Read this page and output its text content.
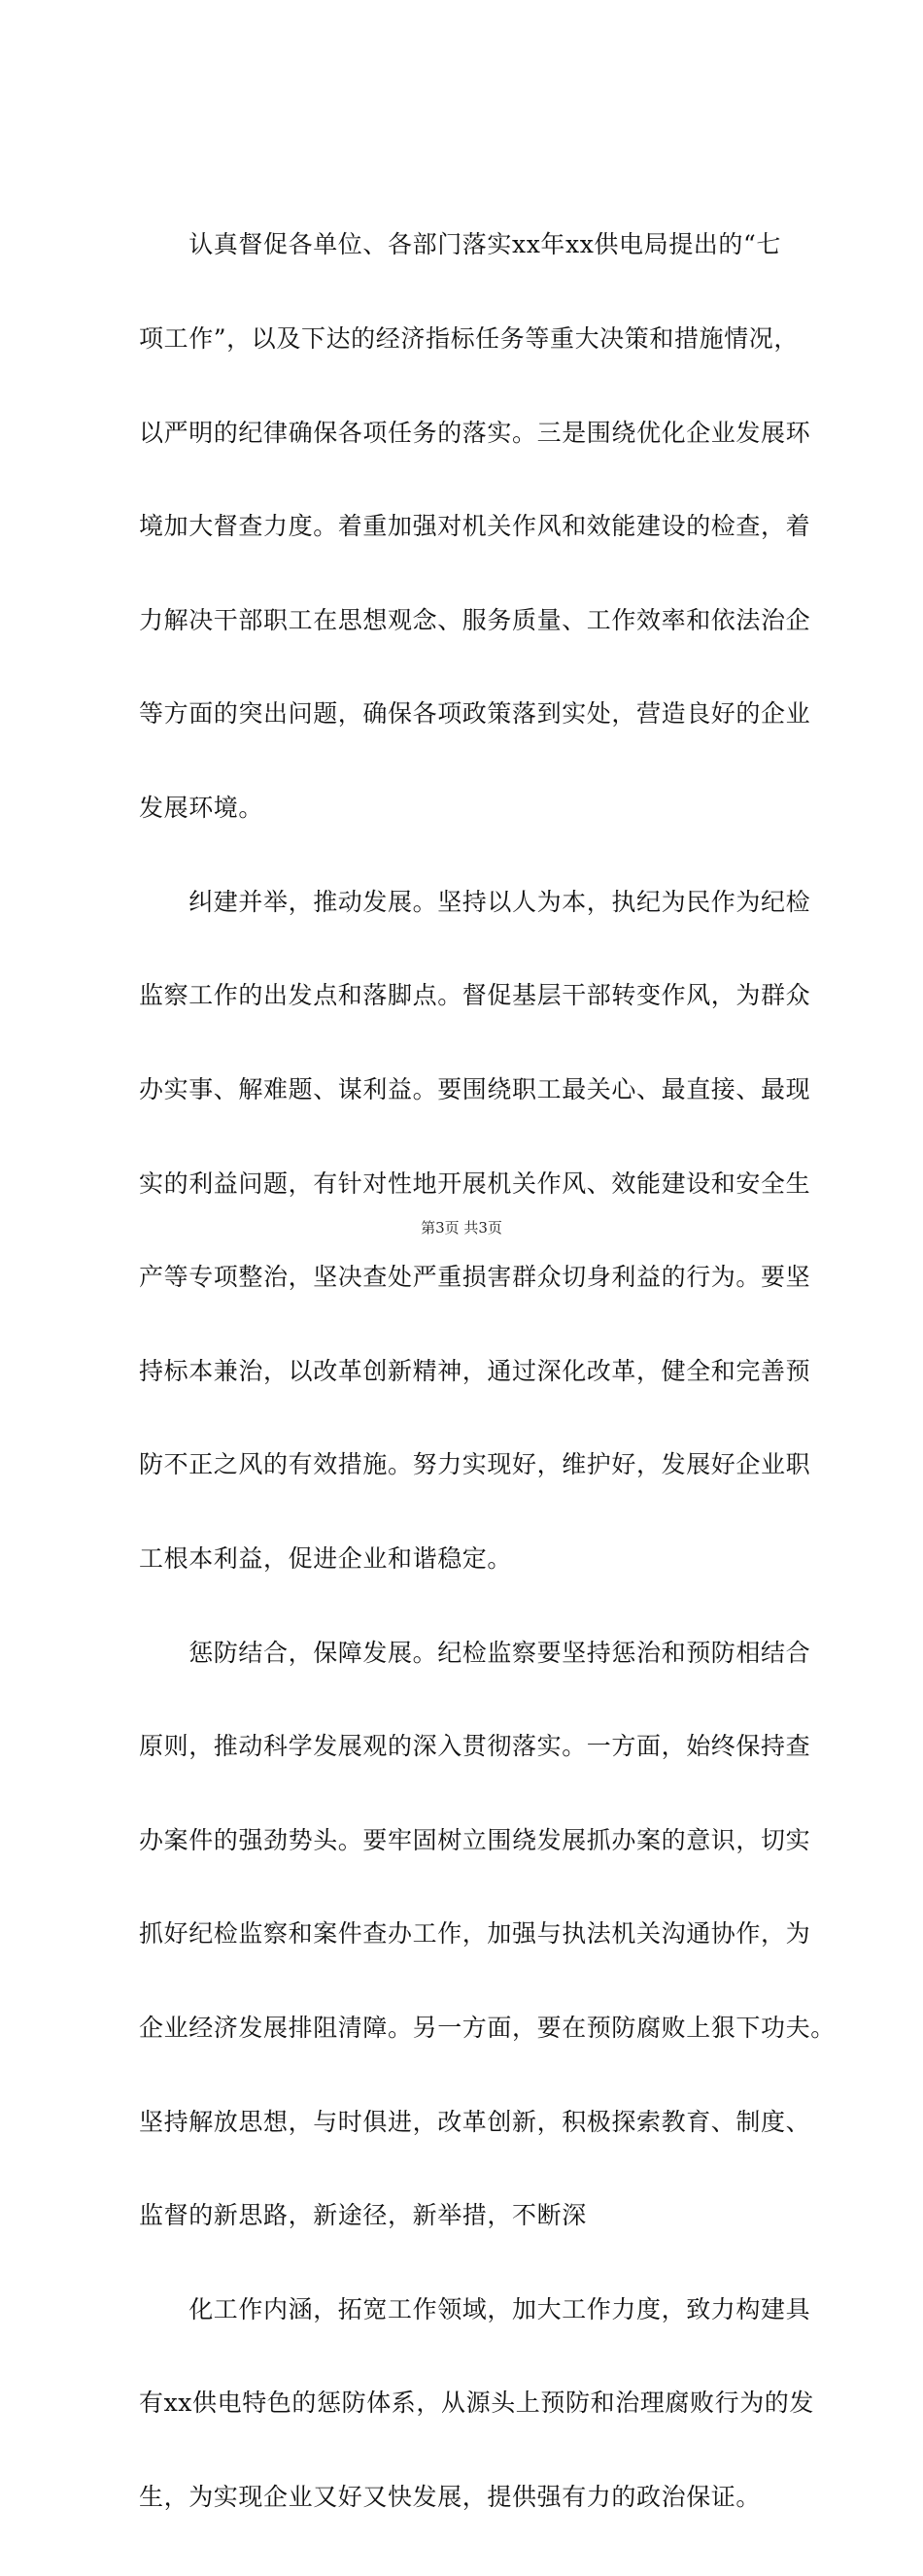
　　认真督促各单位、各部门落实xx年xx供电局提出的“七

项工作”，以及下达的经济指标任务等重大决策和措施情况，

以严明的纪律确保各项任务的落实。三是围绕优化企业发展环

境加大督查力度。着重加强对机关作风和效能建设的检查，着

力解决干部职工在思想观念、服务质量、工作效率和依法治企

等方面的突出问题，确保各项政策落到实处，营造良好的企业

发展环境。

　　纠建并举，推动发展。坚持以人为本，执纪为民作为纪检

监察工作的出发点和落脚点。督促基层干部转变作风，为群众

办实事、解难题、谋利益。要围绕职工最关心、最直接、最现

实的利益问题，有针对性地开展机关作风、效能建设和安全生

产等专项整治，坚决查处严重损害群众切身利益的行为。要坚

持标本兼治，以改革创新精神，通过深化改革，健全和完善预

防不正之风的有效措施。努力实现好，维护好，发展好企业职

工根本利益，促进企业和谐稳定。

　　惩防结合，保障发展。纪检监察要坚持惩治和预防相结合

原则，推动科学发展观的深入贯彻落实。一方面，始终保持查

办案件的强劲势头。要牢固树立围绕发展抓办案的意识，切实

抓好纪检监察和案件查办工作，加强与执法机关沟通协作，为

企业经济发展排阻清障。另一方面，要在预防腐败上狠下功夫。

坚持解放思想，与时俱进，改革创新，积极探索教育、制度、

监督的新思路，新途径，新举措，不断深

　　化工作内涵，拓宽工作领域，加大工作力度，致力构建具

有xx供电特色的惩防体系，从源头上预防和治理腐败行为的发

生，为实现企业又好又快发展，提供强有力的政治保证。

第3页 共3页
